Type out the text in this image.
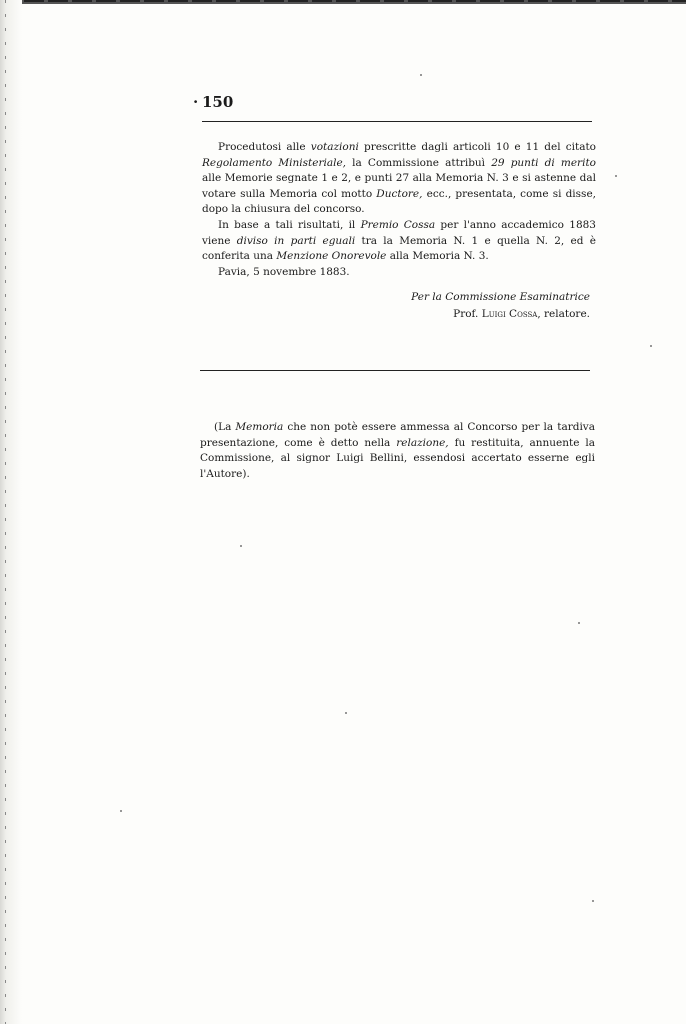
· 150

Procedutosi alle votazioni prescritte dagli articoli 10 e 11 del citato Regolamento Ministeriale, la Commissione attribuì 29 punti di merito alle Memorie segnate 1 e 2, e punti 27 alla Memoria N. 3 e si astenne dal votare sulla Memoria col motto Ductore, ecc., presentata, come si disse, dopo la chiusura del concorso.

In base a tali risultati, il Premio Cossa per l'anno accademico 1883 viene diviso in parti eguali tra la Memoria N. 1 e quella N. 2, ed è conferita una Menzione Onorevole alla Memoria N. 3.

Pavia, 5 novembre 1883.

Per la Commissione Esaminatrice
Prof. Luigi Cossa, relatore.

(La Memoria che non potè essere ammessa al Concorso per la tardiva presentazione, come è detto nella relazione, fu restituita, annuente la Commissione, al signor Luigi Bellini, essendosi accertato esserne egli l'Autore).
